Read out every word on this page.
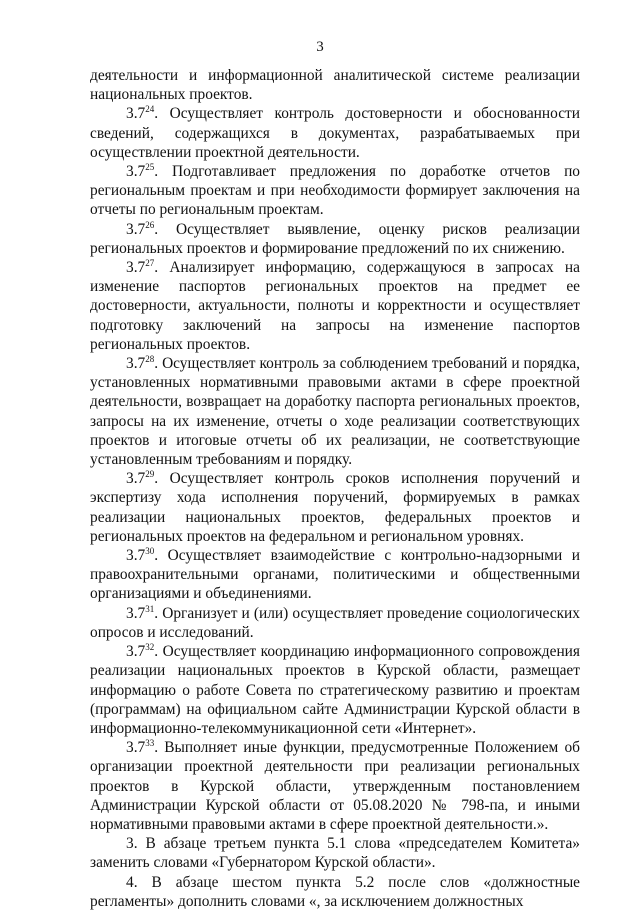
3

деятельности и информационной аналитической системе реализации национальных проектов.

$3.7^{24}$. Осуществляет контроль достоверности и обоснованности сведений, содержащихся в документах, разрабатываемых при осуществлении проектной деятельности.

$3.7^{25}$. Подготавливает предложения по доработке отчетов по региональным проектам и при необходимости формирует заключения на отчеты по региональным проектам.

$3.7^{26}$. Осуществляет выявление, оценку рисков реализации региональных проектов и формирование предложений по их снижению.

$3.7^{27}$. Анализирует информацию, содержащуюся в запросах на изменение паспортов региональных проектов на предмет ее достоверности, актуальности, полноты и корректности и осуществляет подготовку заключений на запросы на изменение паспортов региональных проектов.

$3.7^{28}$. Осуществляет контроль за соблюдением требований и порядка, установленных нормативными правовыми актами в сфере проектной деятельности, возвращает на доработку паспорта региональных проектов, запросы на их изменение, отчеты о ходе реализации соответствующих проектов и итоговые отчеты об их реализации, не соответствующие установленным требованиям и порядку.

$3.7^{29}$. Осуществляет контроль сроков исполнения поручений и экспертизу хода исполнения поручений, формируемых в рамках реализации национальных проектов, федеральных проектов и региональных проектов на федеральном и региональном уровнях.

$3.7^{30}$. Осуществляет взаимодействие с контрольно-надзорными и правоохранительными органами, политическими и общественными организациями и объединениями.

$3.7^{31}$. Организует и (или) осуществляет проведение социологических опросов и исследований.

$3.7^{32}$. Осуществляет координацию информационного сопровождения реализации национальных проектов в Курской области, размещает информацию о работе Совета по стратегическому развитию и проектам (программам) на официальном сайте Администрации Курской области в информационно-телекоммуникационной сети «Интернет».

$3.7^{33}$. Выполняет иные функции, предусмотренные Положением об организации проектной деятельности при реализации региональных проектов в Курской области, утвержденным постановлением Администрации Курской области от 05.08.2020 № 798-па, и иными нормативными правовыми актами в сфере проектной деятельности.».

3. В абзаце третьем пункта 5.1 слова «председателем Комитета» заменить словами «Губернатором Курской области».

4. В абзаце шестом пункта 5.2 после слов «должностные регламенты» дополнить словами «, за исключением должностных
